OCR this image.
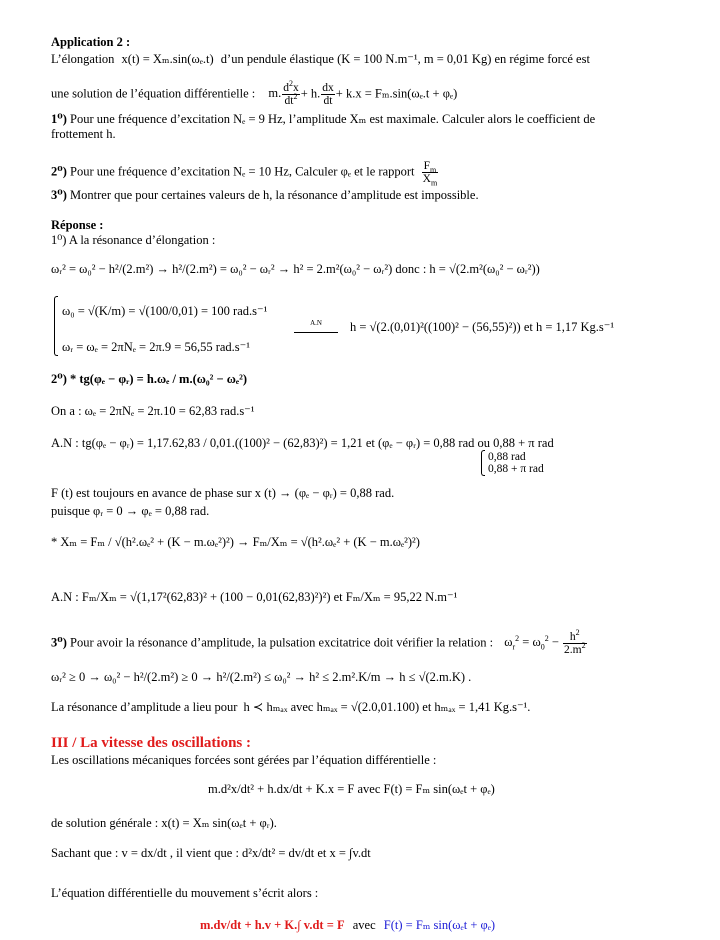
Application 2 :
L’élongation x(t) = Xₘ.sin(ωₑ.t) d’un pendule élastique (K = 100 N.m⁻¹, m = 0,01 Kg) en régime forcé est
une solution de l’équation différentielle : m. $\frac{d^2x}{dt^2} + h$. $\frac{dx}{dt} + k.x = F_m.\sin(\omega_e.t + \varphi_e)$
1⁰) Pour une fréquence d’excitation Nₑ = 9 Hz, l’amplitude Xₘ est maximale. Calculer alors le coefficient de
frottement h.
2⁰) Pour une fréquence d’excitation Nₑ = 10 Hz, Calculer φₑ et le rapport $\frac{F_m}{X_m}$
3⁰) Montrer que pour certaines valeurs de h, la résonance d’amplitude est impossible.
Réponse :
1⁰) A la résonance d’élongation :
ωᵣ² = ω₀² − h²/(2.m²) → h²/(2.m²) = ω₀² − ωᵣ² → h² = 2.m²(ω₀² − ωᵣ²) donc : h = √(2.m²(ω₀² − ωᵣ²))
ω₀ = √(K/m) = √(100/0,01) = 100 rad.s⁻¹
ωᵣ = ωₑ = 2πNₑ = 2π.9 = 56,55 rad.s⁻¹
A.N	h = √(2.(0,01)²((100)² − (56,55)²)) et h = 1,17 Kg.s⁻¹
2⁰) * tg(φₑ − φᵣ) = h.ωₑ / m.(ω₀² − ωₑ²)
On a : ωₑ = 2πNₑ = 2π.10 = 62,83 rad.s⁻¹
A.N : tg(φₑ − φᵣ) = 1,17.62,83 / 0,01.((100)² − (62,83)²) = 1,21 et (φₑ − φᵣ) = 0,88 rad ou 0,88 + π rad
0,88 rad
0,88 + π rad
F (t) est toujours en avance de phase sur x (t) → (φₑ − φᵣ) = 0,88 rad.
puisque φᵣ = 0 → φₑ = 0,88 rad.
* Xₘ = Fₘ / √(h².ωₑ² + (K − m.ωₑ²)²) → Fₘ/Xₘ = √(h².ωₑ² + (K − m.ωₑ²)²)
A.N : Fₘ/Xₘ = √(1,17²(62,83)² + (100 − 0,01(62,83)²)²) et Fₘ/Xₘ = 95,22 N.m⁻¹
3⁰) Pour avoir la résonance d’amplitude, la pulsation excitatrice doit vérifier la relation : $\omega_r^2 = \omega_0^2 - \frac{h^2}{2.m^2}$
ωᵣ² ≥ 0 → ω₀² − h²/(2.m²) ≥ 0 → h²/(2.m²) ≤ ω₀² → h² ≤ 2.m².K/m → h ≤ √(2.m.K) .
La résonance d’amplitude a lieu pour h ≺ hₘₐₓ avec hₘₐₓ = √(2.0,01.100) et hₘₐₓ = 1,41 Kg.s⁻¹.
III / La vitesse des oscillations :
Les oscillations mécaniques forcées sont gérées par l’équation différentielle :
m.d²x/dt² + h.dx/dt + K.x = F avec F(t) = Fₘ sin(ωₑt + φₑ)
de solution générale : x(t) = Xₘ sin(ωₑt + φᵣ).
Sachant que : v = dx/dt , il vient que : d²x/dt² = dv/dt et x = ∫v.dt
L’équation différentielle du mouvement s’écrit alors :
m.dv/dt + h.v + K.∫ v.dt = F avec F(t) = Fₘ sin(ωₑt + φₑ)
